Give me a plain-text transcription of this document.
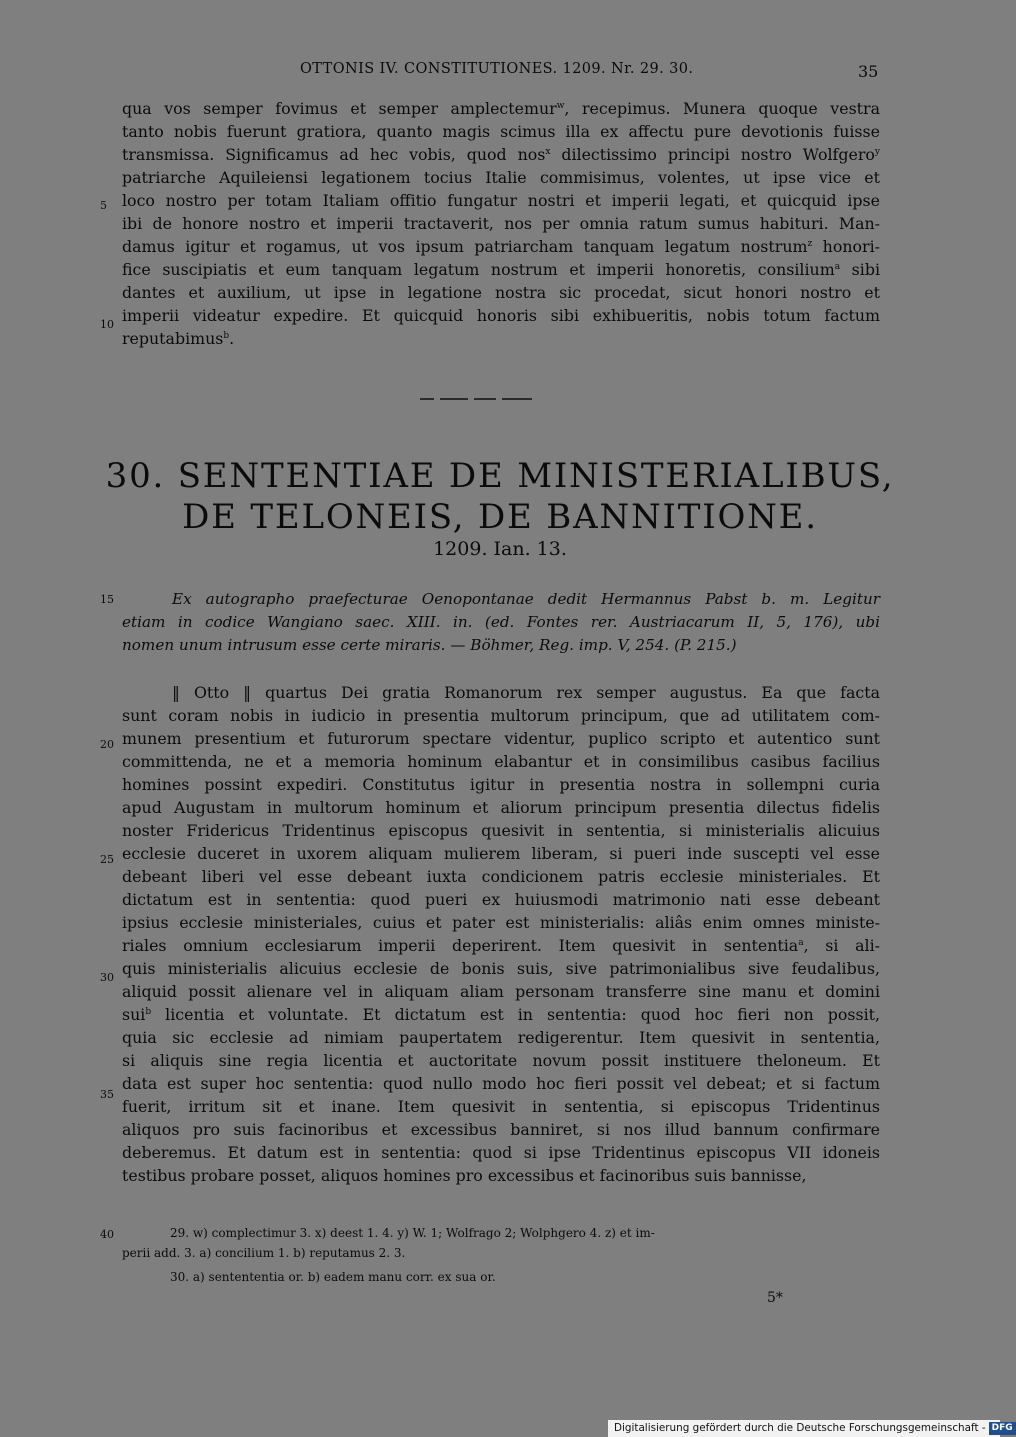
OTTONIS IV. CONSTITUTIONES. 1209. Nr. 29. 30.	35
qua vos semper fovimus et semper amplectemur$^w$, recepimus. Munera quoque vestra
tanto nobis fuerunt gratiora, quanto magis scimus illa ex affectu pure devotionis fuisse
transmissa. Significamus ad hec vobis, quod nos$^x$ dilectissimo principi nostro Wolfgero$^y$
patriarche Aquileiensi legationem tocius Italie commisimus, volentes, ut ipse vice et
loco nostro per totam Italiam offitio fungatur nostri et imperii legati, et quicquid ipse
ibi de honore nostro et imperii tractaverit, nos per omnia ratum sumus habituri. Man-
damus igitur et rogamus, ut vos ipsum patriarcham tanquam legatum nostrum$^z$ honori-
fice suscipiatis et eum tanquam legatum nostrum et imperii honoretis, consilium$^a$ sibi
dantes et auxilium, ut ipse in legatione nostra sic procedat, sicut honori nostro et
imperii videatur expedire. Et quicquid honoris sibi exhibueritis, nobis totum factum
reputabimus$^b$.
5
10
30. SENTENTIAE DE MINISTERIALIBUS,
DE TELONEIS, DE BANNITIONE.
1209. Ian. 13.
15	Ex autographo praefecturae Oenopontanae dedit Hermannus Pabst b. m. Legitur
etiam in codice Wangiano saec. XIII. in. (ed. Fontes rer. Austriacarum II, 5, 176), ubi
nomen unum intrusum esse certe miraris. — Böhmer, Reg. imp. V, 254. (P. 215.)
‖ Otto ‖ quartus Dei gratia Romanorum rex semper augustus. Ea que facta
sunt coram nobis in iudicio in presentia multorum principum, que ad utilitatem com-
munem presentium et futurorum spectare videntur, puplico scripto et autentico sunt
committenda, ne et a memoria hominum elabantur et in consimilibus casibus facilius
homines possint expediri. Constitutus igitur in presentia nostra in sollempni curia
apud Augustam in multorum hominum et aliorum principum presentia dilectus fidelis
noster Fridericus Tridentinus episcopus quesivit in sententia, si ministerialis alicuius
ecclesie duceret in uxorem aliquam mulierem liberam, si pueri inde suscepti vel esse
debeant liberi vel esse debeant iuxta condicionem patris ecclesie ministeriales. Et
dictatum est in sententia: quod pueri ex huiusmodi matrimonio nati esse debeant
ipsius ecclesie ministeriales, cuius et pater est ministerialis: aliâs enim omnes ministe-
riales omnium ecclesiarum imperii deperirent. Item quesivit in sententia$^a$, si ali-
quis ministerialis alicuius ecclesie de bonis suis, sive patrimonialibus sive feudalibus,
aliquid possit alienare vel in aliquam aliam personam transferre sine manu et domini
sui$^b$ licentia et voluntate. Et dictatum est in sententia: quod hoc fieri non possit,
quia sic ecclesie ad nimiam paupertatem redigerentur. Item quesivit in sententia,
si aliquis sine regia licentia et auctoritate novum possit instituere theloneum. Et
data est super hoc sententia: quod nullo modo hoc fieri possit vel debeat; et si factum
fuerit, irritum sit et inane. Item quesivit in sententia, si episcopus Tridentinus
aliquos pro suis facinoribus et excessibus banniret, si nos illud bannum confirmare
deberemus. Et datum est in sententia: quod si ipse Tridentinus episcopus VII idoneis
testibus probare posset, aliquos homines pro excessibus et facinoribus suis bannisse,
20
25
30
35
40	29. w) complectimur 3. x) deest 1. 4. y) W. 1; Wolfrago 2; Wolphgero 4. z) et im-
perii add. 3. a) concilium 1. b) reputamus 2. 3.
30. a) sentententia or. b) eadem manu corr. ex sua or.
5*
Digitalisierung gefördert durch die Deutsche Forschungsgemeinschaft - DFG
